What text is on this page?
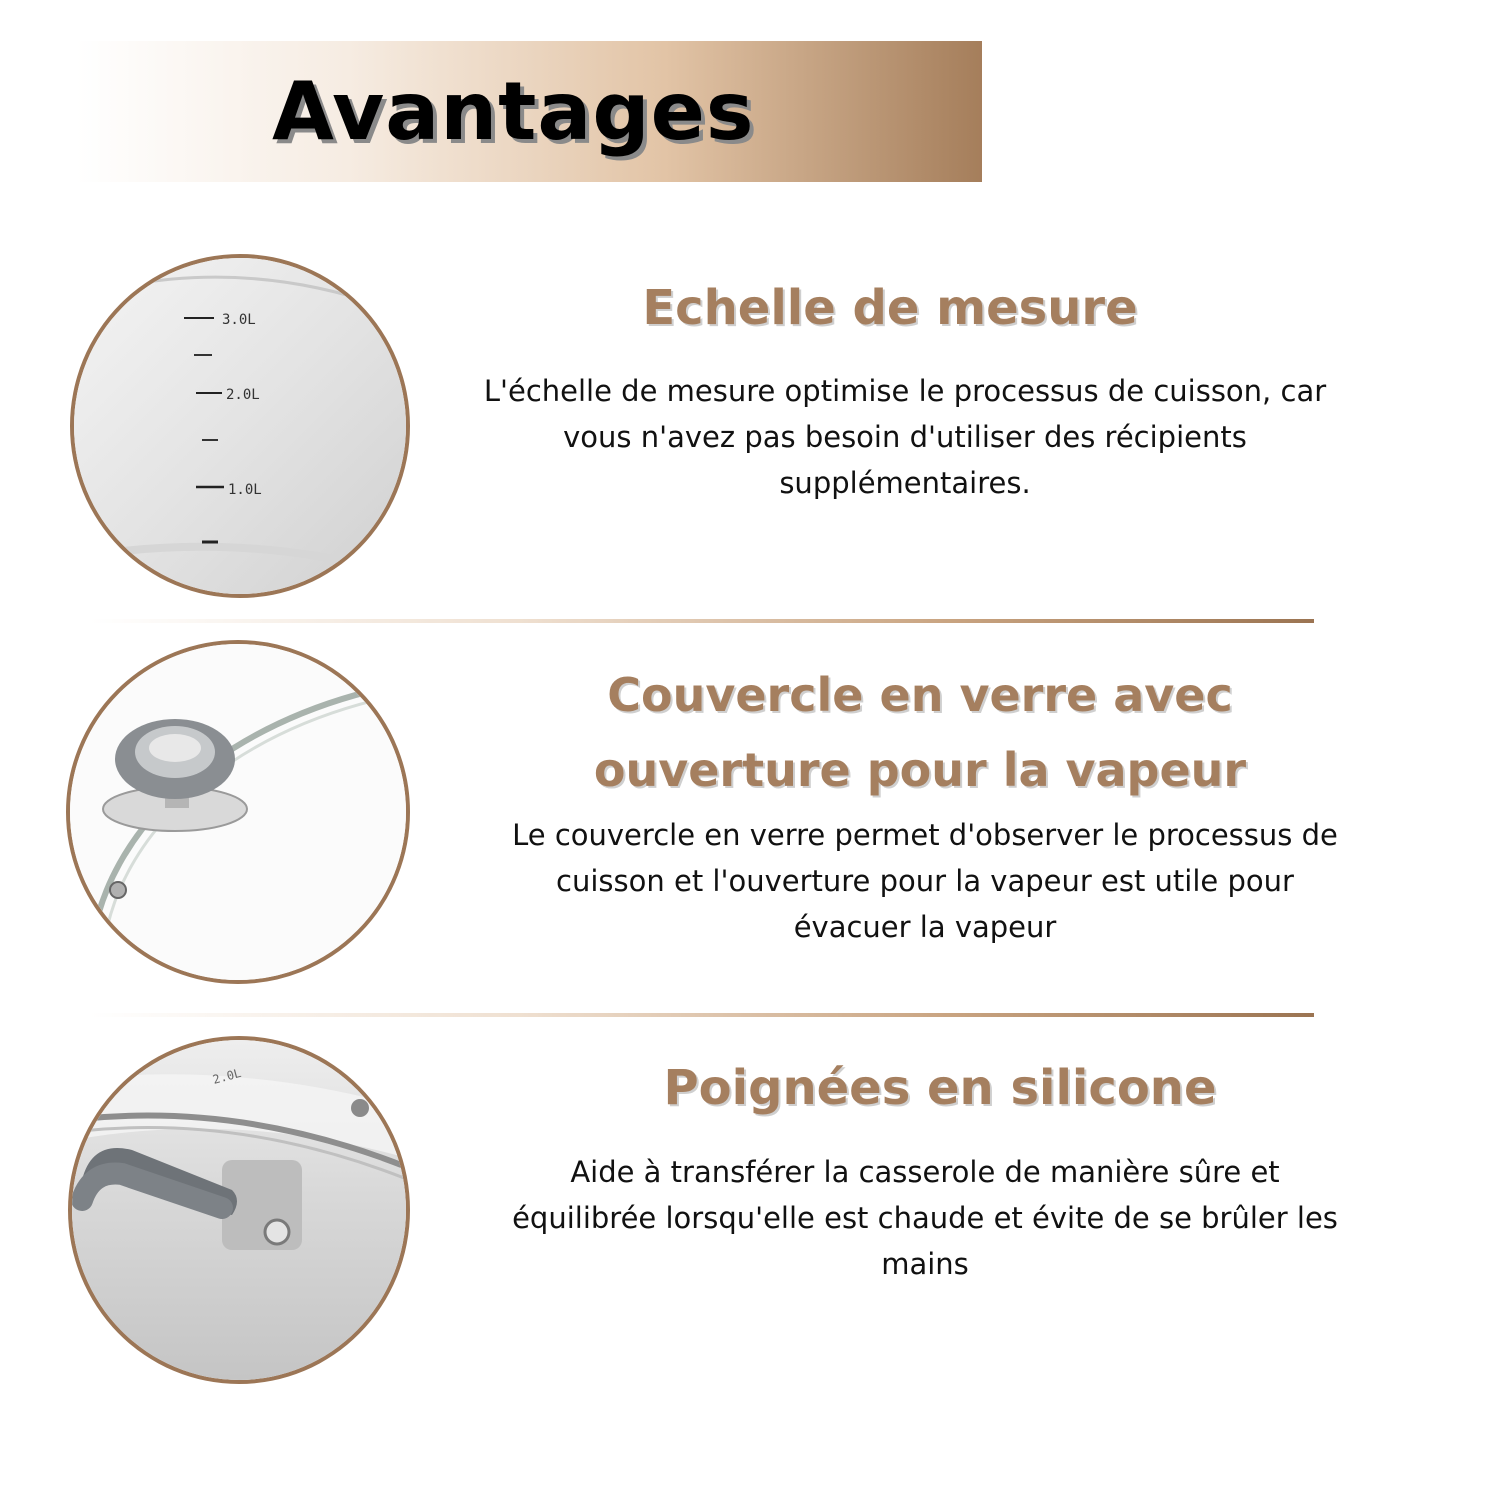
Avantages
3.0L
2.0L
1.0L
Echelle de mesure
L'échelle de mesure optimise le processus de cuisson, car vous n'avez pas besoin d'utiliser des récipients supplémentaires.
Couvercle en verre avec
ouverture pour la vapeur
Le couvercle en verre permet d'observer le processus de cuisson et l'ouverture pour la vapeur est utile pour évacuer la vapeur
2.0L	Poignées en silicone
Aide à transférer la casserole de manière sûre et équilibrée lorsqu'elle est chaude et évite de se brûler les mains
